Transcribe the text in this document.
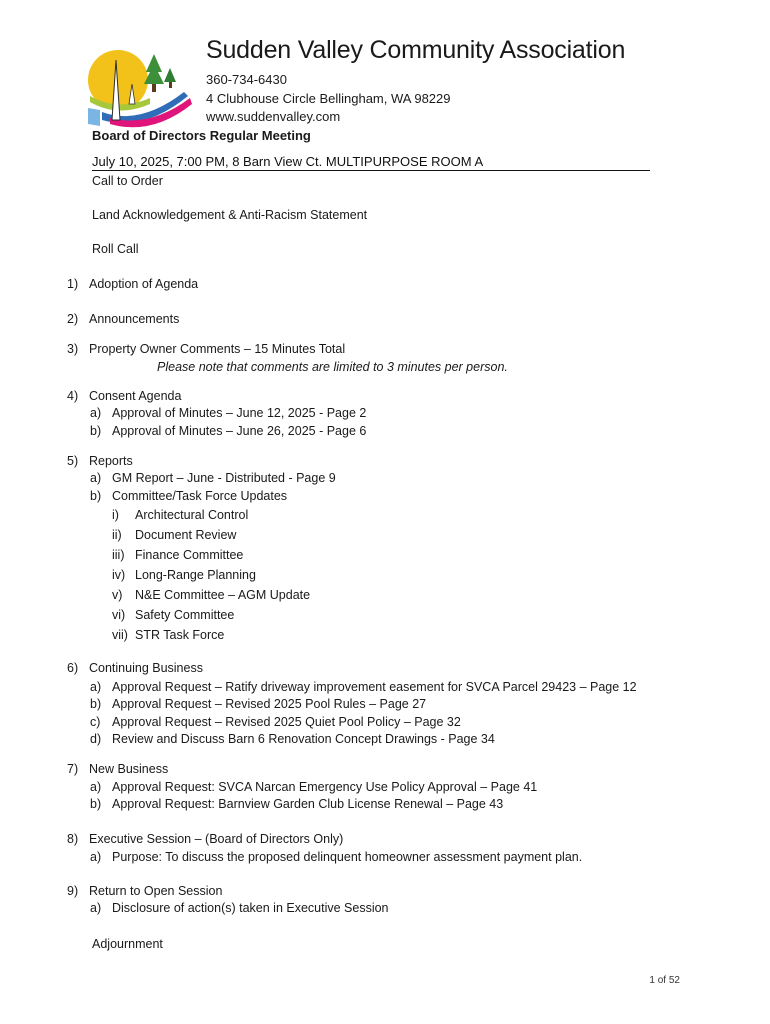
Sudden Valley Community Association
360-734-6430
4 Clubhouse Circle Bellingham, WA 98229
www.suddenvalley.com
Board of Directors Regular Meeting
July 10, 2025, 7:00 PM, 8 Barn View Ct. MULTIPURPOSE ROOM A
Call to Order
Land Acknowledgement & Anti-Racism Statement
Roll Call
1) Adoption of Agenda
2) Announcements
3) Property Owner Comments – 15 Minutes Total
Please note that comments are limited to 3 minutes per person.
4) Consent Agenda
a) Approval of Minutes – June 12, 2025 - Page 2
b) Approval of Minutes – June 26, 2025 - Page 6
5) Reports
a) GM Report – June - Distributed - Page 9
b) Committee/Task Force Updates
i) Architectural Control
ii) Document Review
iii) Finance Committee
iv) Long-Range Planning
v) N&E Committee – AGM Update
vi) Safety Committee
vii) STR Task Force
6) Continuing Business
a) Approval Request – Ratify driveway improvement easement for SVCA Parcel 29423 – Page 12
b) Approval Request – Revised 2025 Pool Rules – Page 27
c) Approval Request – Revised 2025 Quiet Pool Policy – Page 32
d) Review and Discuss Barn 6 Renovation Concept Drawings - Page 34
7) New Business
a) Approval Request: SVCA Narcan Emergency Use Policy Approval – Page 41
b) Approval Request: Barnview Garden Club License Renewal – Page 43
8) Executive Session – (Board of Directors Only)
a) Purpose: To discuss the proposed delinquent homeowner assessment payment plan.
9) Return to Open Session
a) Disclosure of action(s) taken in Executive Session
Adjournment
1 of 52
